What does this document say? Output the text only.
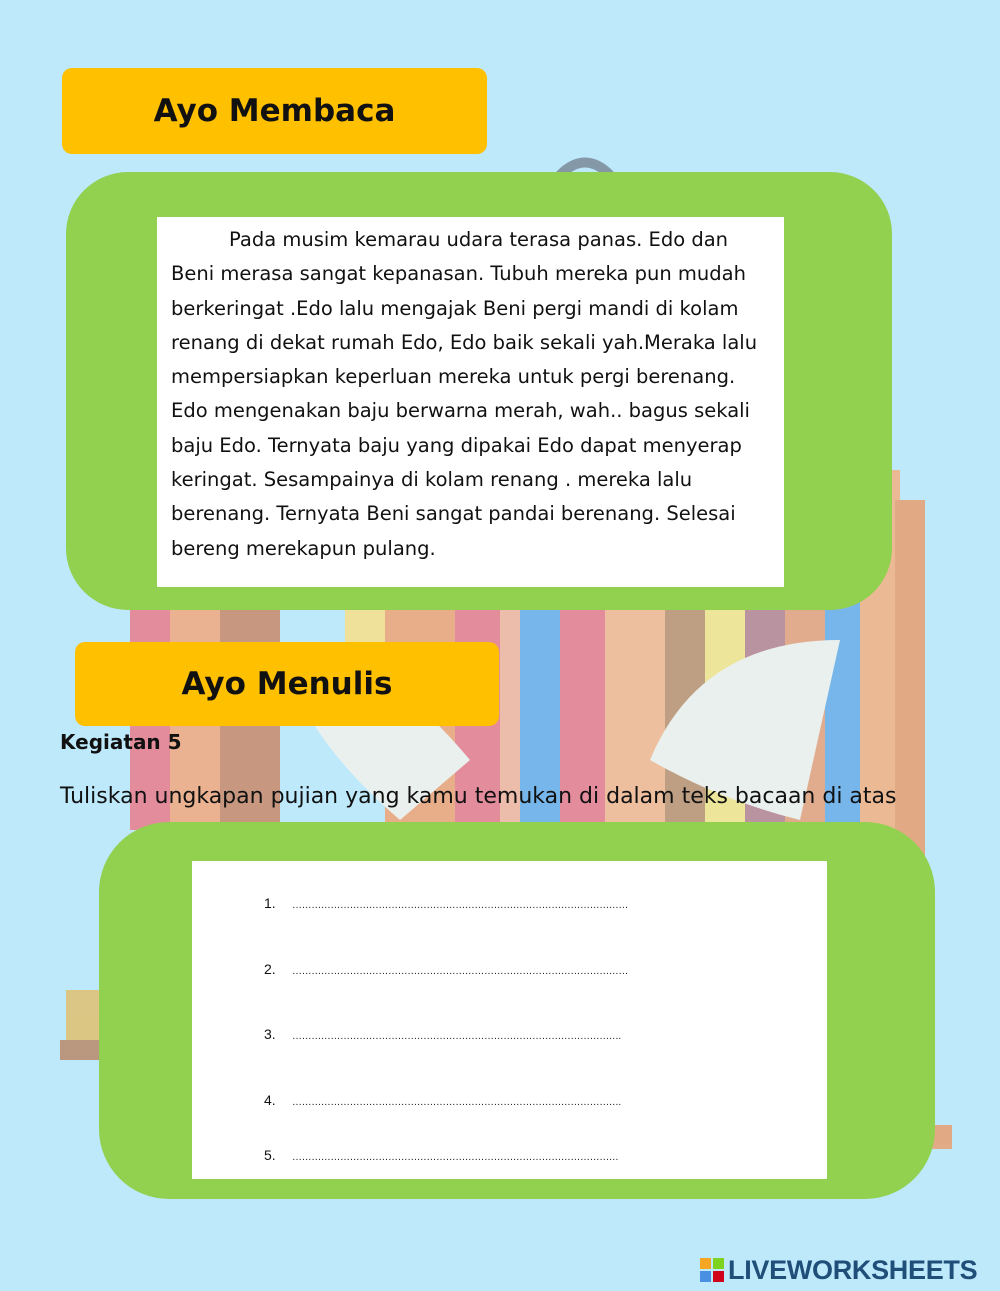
Ayo Membaca
Pada musim kemarau udara terasa panas. Edo dan
Beni merasa sangat kepanasan. Tubuh mereka pun mudah
berkeringat .Edo lalu mengajak Beni pergi mandi di kolam
renang di dekat rumah Edo, Edo baik sekali yah.Meraka lalu
mempersiapkan keperluan mereka untuk pergi berenang.
Edo mengenakan baju berwarna merah, wah.. bagus sekali
baju Edo. Ternyata baju yang dipakai Edo dapat menyerap
keringat. Sesampainya di kolam renang . mereka lalu
berenang. Ternyata Beni sangat pandai berenang. Selesai
bereng merekapun pulang.
Ayo Menulis
Kegiatan 5
Tuliskan ungkapan pujian yang kamu temukan di dalam teks bacaan di atas
1.	……………………………………………………………………………………………
2.	……………………………………………………………………………………………
3.	………………………………………………………………………………………….
4.	………………………………………………………………………………………….
5.	…………………………………………………………………………………………
LIVEWORKSHEETS
